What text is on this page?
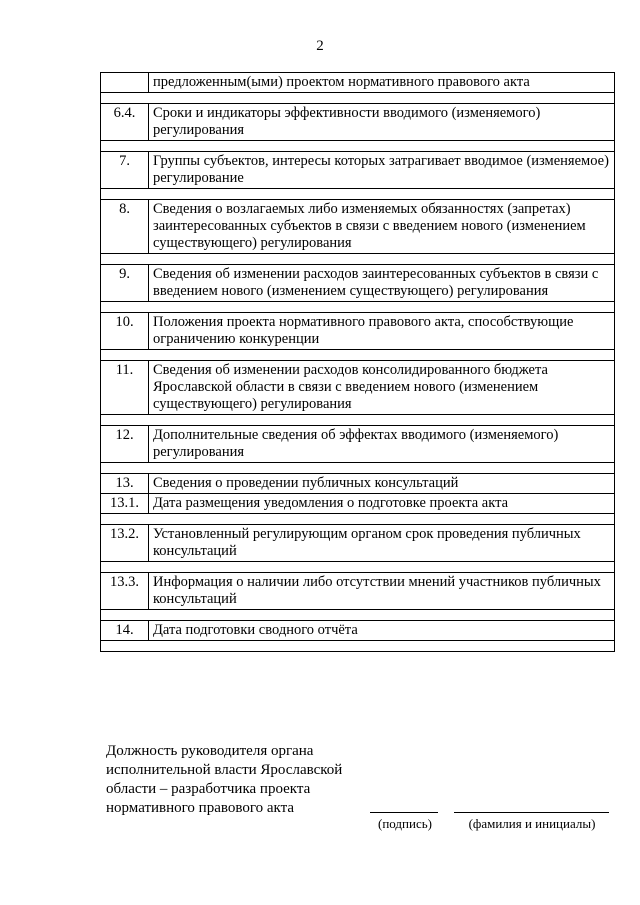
2
	предложенным(ыми) проектом нормативного правового акта

6.4.	Сроки и индикаторы эффективности вводимого (изменяемого) регулирования

7.	Группы субъектов, интересы которых затрагивает вводимое (изменяемое) регулирование

8.	Сведения о возлагаемых либо изменяемых обязанностях (запретах) заинтересованных субъектов в связи с введением нового (изменением существующего) регулирования

9.	Сведения об изменении расходов заинтересованных субъектов в связи с введением нового (изменением существующего) регулирования

10.	Положения проекта нормативного правового акта, способствующие ограничению конкуренции

11.	Сведения об изменении расходов консолидированного бюджета Ярославской области в связи с введением нового (изменением существующего) регулирования

12.	Дополнительные сведения об эффектах вводимого (изменяемого) регулирования

13.	Сведения о проведении публичных консультаций
13.1.	Дата размещения уведомления о подготовке проекта акта

13.2.	Установленный регулирующим органом срок проведения публичных консультаций

13.3.	Информация о наличии либо отсутствии мнений участников публичных консультаций

14.	Дата подготовки сводного отчёта

Должность руководителя органа
исполнительной власти Ярославской
области – разработчика проекта
нормативного правового акта
(подпись)	(фамилия и инициалы)
